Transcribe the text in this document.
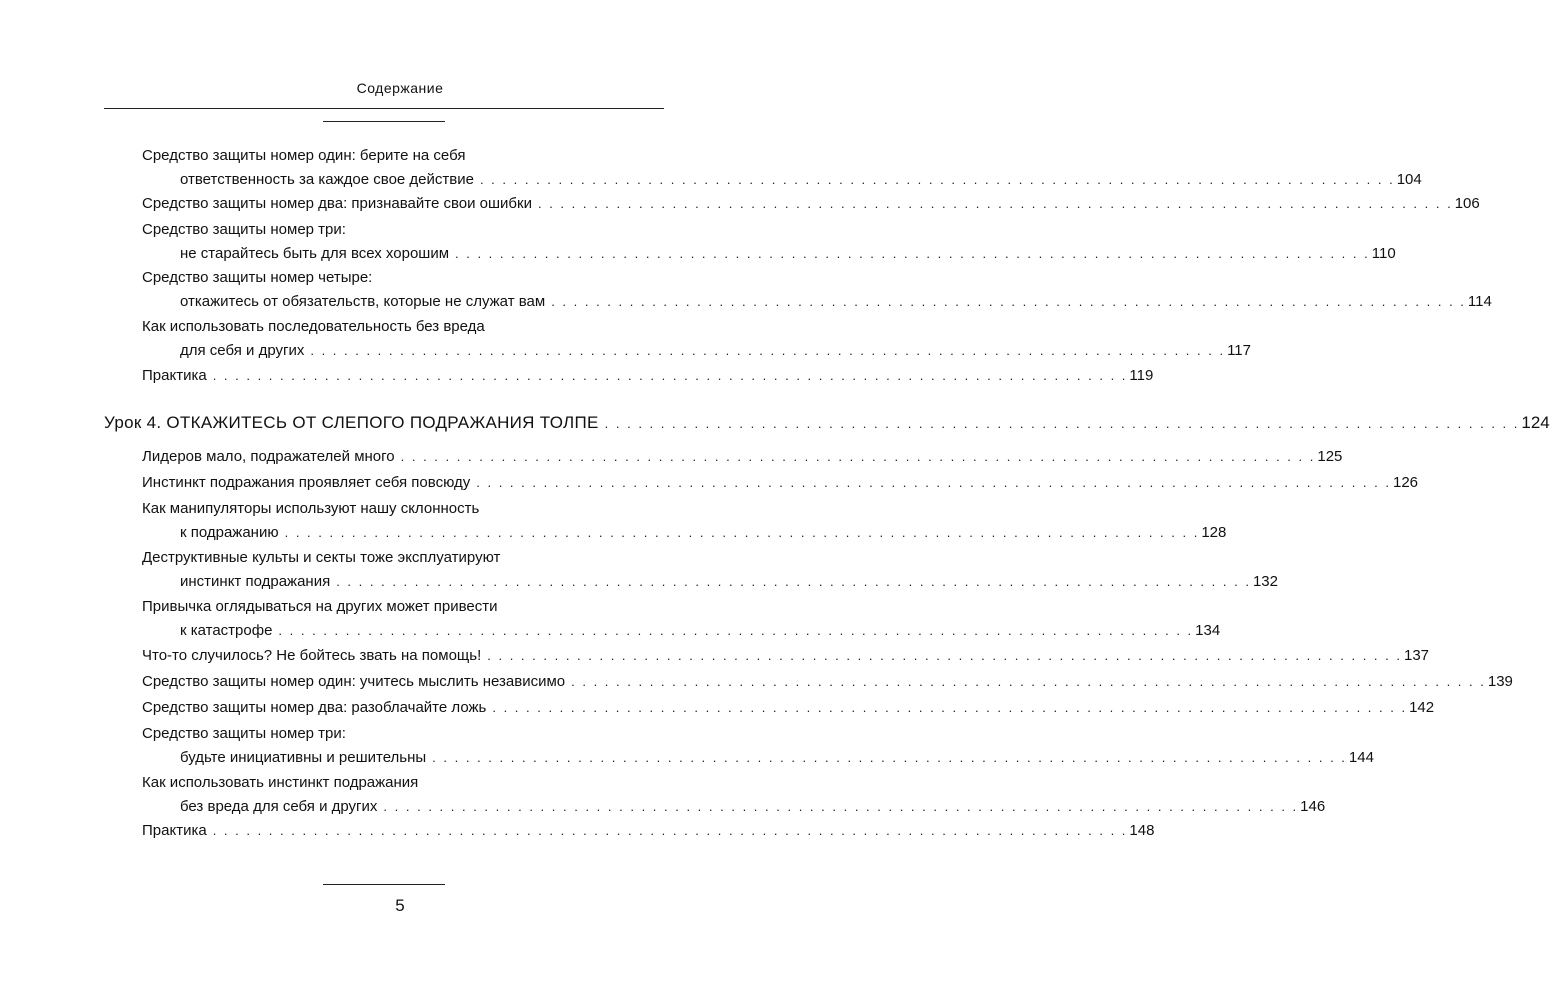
Содержание
Средство защиты номер один: берите на себя
ответственность за каждое свое действие . . . . . . . . . . . . . . . . . . . . . . . . . . . . . . . . . . . . . . . . . . . . . . . . . . . . . . . . . . . . . . . . . . . . . . . . . . . . . . . . . . 104
Средство защиты номер два: признавайте свои ошибки . . . . . . . . . . . . . . . . . . . . . . . . . . . . . . . . . . . . . . . . . . . . . . . . . . . . . . . . . . . . . . . . . . . . . . . . . . . . . . . . . . 106
Средство защиты номер три:
не старайтесь быть для всех хорошим . . . . . . . . . . . . . . . . . . . . . . . . . . . . . . . . . . . . . . . . . . . . . . . . . . . . . . . . . . . . . . . . . . . . . . . . . . . . . . . . . . 110
Средство защиты номер четыре:
откажитесь от обязательств, которые не служат вам . . . . . . . . . . . . . . . . . . . . . . . . . . . . . . . . . . . . . . . . . . . . . . . . . . . . . . . . . . . . . . . . . . . . . . . . . . . . . . . . . . 114
Как использовать последовательность без вреда
для себя и других . . . . . . . . . . . . . . . . . . . . . . . . . . . . . . . . . . . . . . . . . . . . . . . . . . . . . . . . . . . . . . . . . . . . . . . . . . . . . . . . . . 117
Практика . . . . . . . . . . . . . . . . . . . . . . . . . . . . . . . . . . . . . . . . . . . . . . . . . . . . . . . . . . . . . . . . . . . . . . . . . . . . . . . . . . 119
Урок 4. ОТКАЖИТЕСЬ ОТ СЛЕПОГО ПОДРАЖАНИЯ ТОЛПЕ . . . . . . . . . . . . . . . . . . . . . . . . . . . . . . . . . . . . . . . . . . . . . . . . . . . . . . . . . . . . . . . . . . . . . . . . . . . . . . . . . . 124
Лидеров мало, подражателей много . . . . . . . . . . . . . . . . . . . . . . . . . . . . . . . . . . . . . . . . . . . . . . . . . . . . . . . . . . . . . . . . . . . . . . . . . . . . . . . . . . 125
Инстинкт подражания проявляет себя повсюду . . . . . . . . . . . . . . . . . . . . . . . . . . . . . . . . . . . . . . . . . . . . . . . . . . . . . . . . . . . . . . . . . . . . . . . . . . . . . . . . . . 126
Как манипуляторы используют нашу склонность
к подражанию . . . . . . . . . . . . . . . . . . . . . . . . . . . . . . . . . . . . . . . . . . . . . . . . . . . . . . . . . . . . . . . . . . . . . . . . . . . . . . . . . . 128
Деструктивные культы и секты тоже эксплуатируют
инстинкт подражания . . . . . . . . . . . . . . . . . . . . . . . . . . . . . . . . . . . . . . . . . . . . . . . . . . . . . . . . . . . . . . . . . . . . . . . . . . . . . . . . . . 132
Привычка оглядываться на других может привести
к катастрофе . . . . . . . . . . . . . . . . . . . . . . . . . . . . . . . . . . . . . . . . . . . . . . . . . . . . . . . . . . . . . . . . . . . . . . . . . . . . . . . . . . 134
Что-то случилось? Не бойтесь звать на помощь! . . . . . . . . . . . . . . . . . . . . . . . . . . . . . . . . . . . . . . . . . . . . . . . . . . . . . . . . . . . . . . . . . . . . . . . . . . . . . . . . . . 137
Средство защиты номер один: учитесь мыслить независимо . . . . . . . . . . . . . . . . . . . . . . . . . . . . . . . . . . . . . . . . . . . . . . . . . . . . . . . . . . . . . . . . . . . . . . . . . . . . . . . . . . 139
Средство защиты номер два: разоблачайте ложь . . . . . . . . . . . . . . . . . . . . . . . . . . . . . . . . . . . . . . . . . . . . . . . . . . . . . . . . . . . . . . . . . . . . . . . . . . . . . . . . . . 142
Средство защиты номер три:
будьте инициативны и решительны . . . . . . . . . . . . . . . . . . . . . . . . . . . . . . . . . . . . . . . . . . . . . . . . . . . . . . . . . . . . . . . . . . . . . . . . . . . . . . . . . . 144
Как использовать инстинкт подражания
без вреда для себя и других . . . . . . . . . . . . . . . . . . . . . . . . . . . . . . . . . . . . . . . . . . . . . . . . . . . . . . . . . . . . . . . . . . . . . . . . . . . . . . . . . . 146
Практика . . . . . . . . . . . . . . . . . . . . . . . . . . . . . . . . . . . . . . . . . . . . . . . . . . . . . . . . . . . . . . . . . . . . . . . . . . . . . . . . . . 148
5
